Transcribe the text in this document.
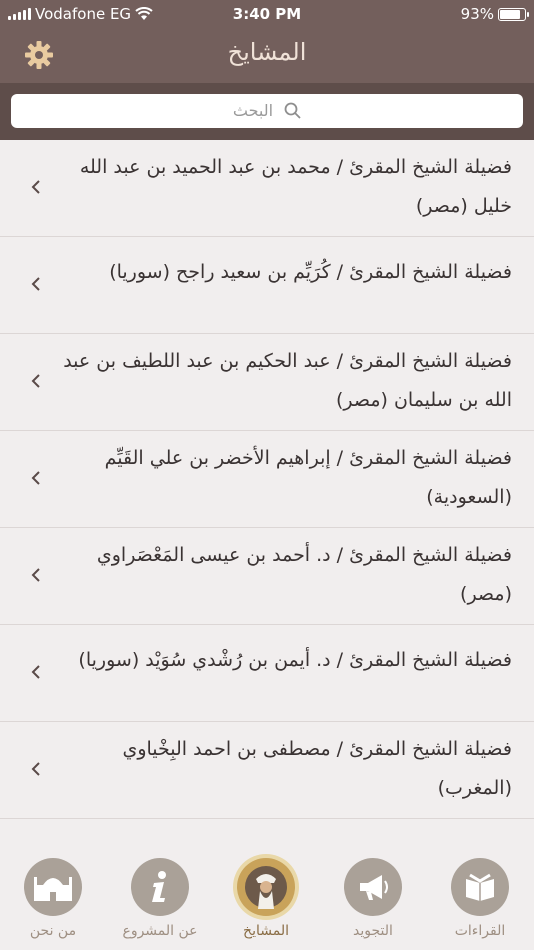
Vodafone EG	3:40 PM	93%
المشايخ
البحث
فضيلة الشيخ المقرئ / محمد بن عبد الحميد بن عبد الله خليل (مصر)
فضيلة الشيخ المقرئ / كُرَيِّم بن سعيد راجح (سوريا)
فضيلة الشيخ المقرئ / عبد الحكيم بن عبد اللطيف بن عبد الله بن سليمان (مصر)
فضيلة الشيخ المقرئ / إبراهيم الأخضر بن علي القَيِّم (السعودية)
فضيلة الشيخ المقرئ / د. أحمد بن عيسى المَعْصَراوي (مصر)
فضيلة الشيخ المقرئ / د. أيمن بن رُشْدي سُوَيْد (سوريا)
فضيلة الشيخ المقرئ / مصطفى بن احمد البِخْياوي (المغرب)
القراءات
التجويد
المشايخ
عن المشروع
من نحن
